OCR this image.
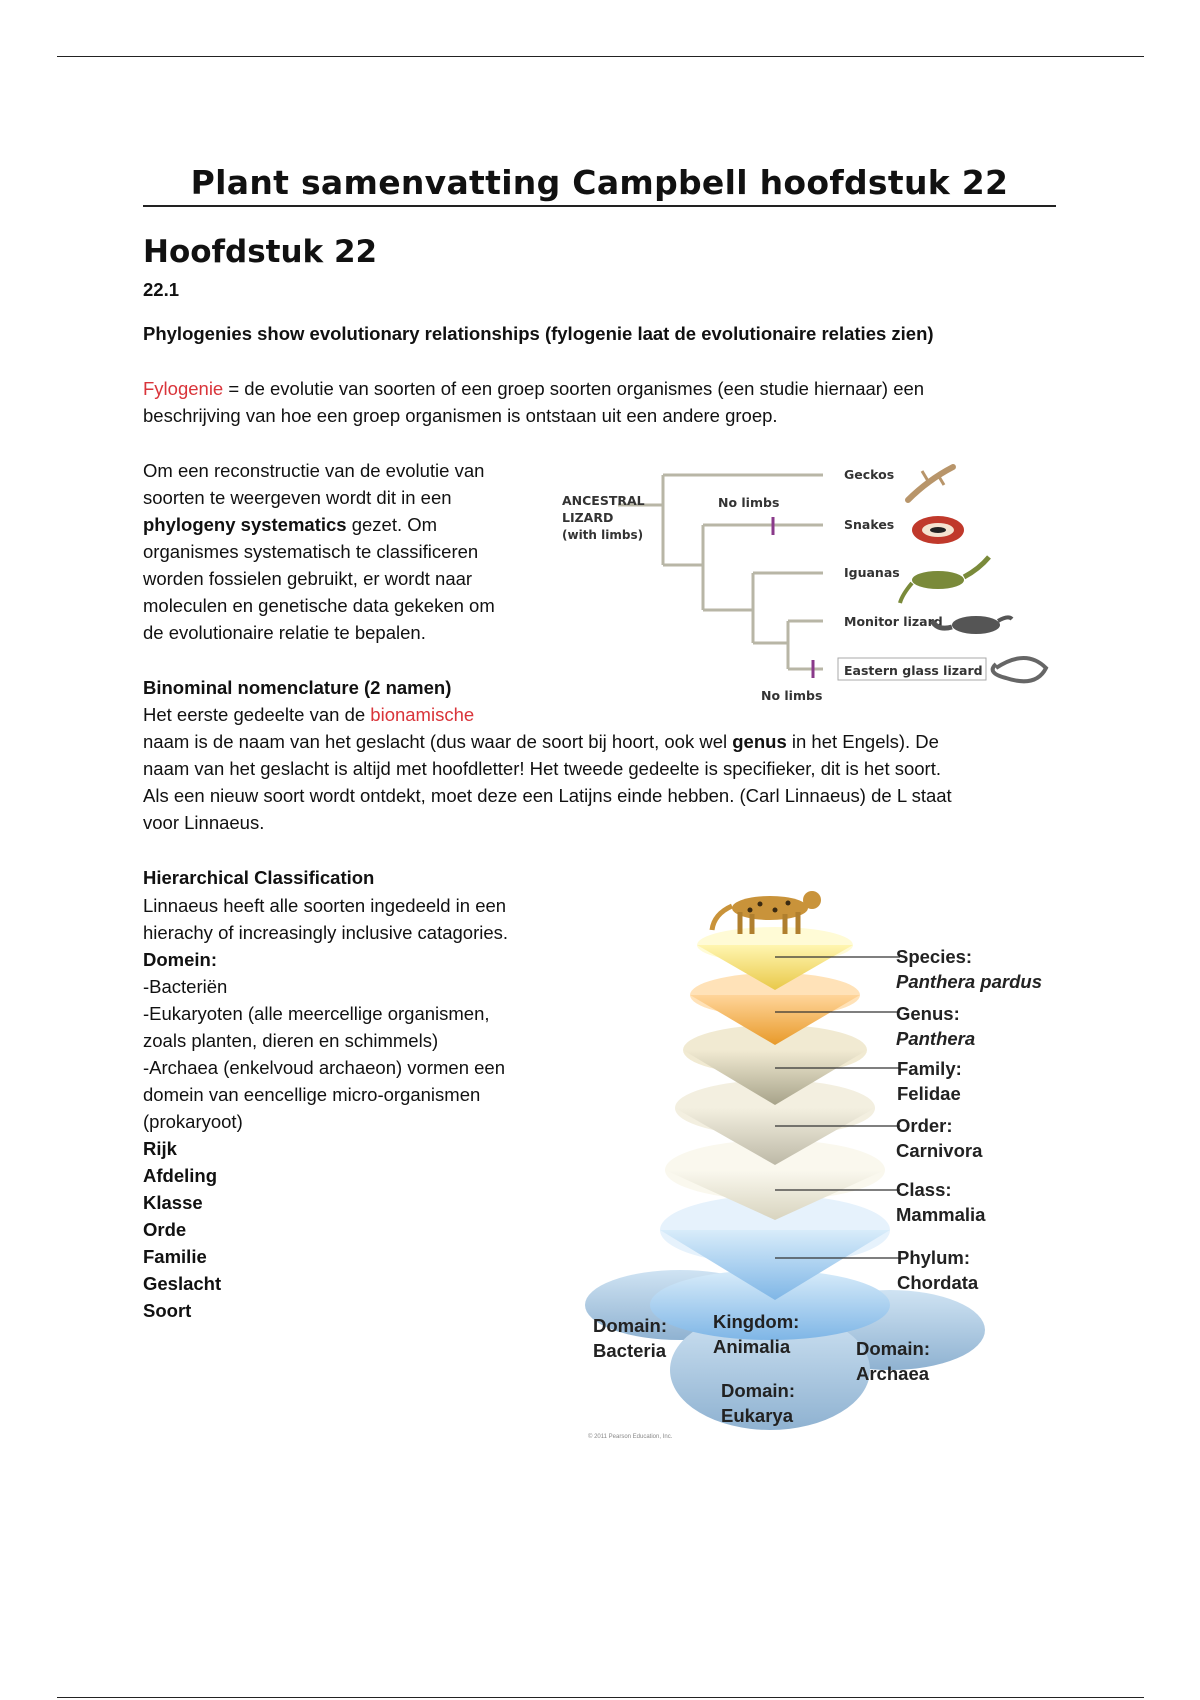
Plant samenvatting Campbell hoofdstuk 22
Hoofdstuk 22
22.1
Phylogenies show evolutionary relationships (fylogenie laat de evolutionaire relaties zien)
Fylogenie = de evolutie van soorten of een groep soorten organismes (een studie hiernaar) een
beschrijving van hoe een groep organismen is ontstaan uit een andere groep.
Om een reconstructie van de evolutie van
soorten te weergeven wordt dit in een
phylogeny systematics gezet. Om
organismes systematisch te classificeren
worden fossielen gebruikt, er wordt naar
moleculen en genetische data gekeken om
de evolutionaire relatie te bepalen.
ANCESTRAL
LIZARD
(with limbs)
No limbs
No limbs
Geckos
Snakes
Iguanas
Monitor lizard
Eastern glass lizard
Binominal nomenclature (2 namen)
Het eerste gedeelte van de bionamische
naam is de naam van het geslacht (dus waar de soort bij hoort, ook wel genus in het Engels). De
naam van het geslacht is altijd met hoofdletter! Het tweede gedeelte is specifieker, dit is het soort.
Als een nieuw soort wordt ontdekt, moet deze een Latijns einde hebben. (Carl Linnaeus) de L staat
voor Linnaeus.
Hierarchical Classification
Linnaeus heeft alle soorten ingedeeld in een
hierachy of increasingly inclusive catagories.
Domein:
-Bacteriën
-Eukaryoten (alle meercellige organismen,
zoals planten, dieren en schimmels)
-Archaea (enkelvoud archaeon) vormen een
domein van eencellige micro-organismen
(prokaryoot)
Rijk
Afdeling
Klasse
Orde
Familie
Geslacht
Soort
Species:
Panthera pardus
Genus:
Panthera
Family:
Felidae
Order:
Carnivora
Class:
Mammalia
Phylum:
Chordata
Kingdom:
Animalia
Domain:
Bacteria	Domain:
Archaea
Domain:
Eukarya
© 2011 Pearson Education, Inc.
